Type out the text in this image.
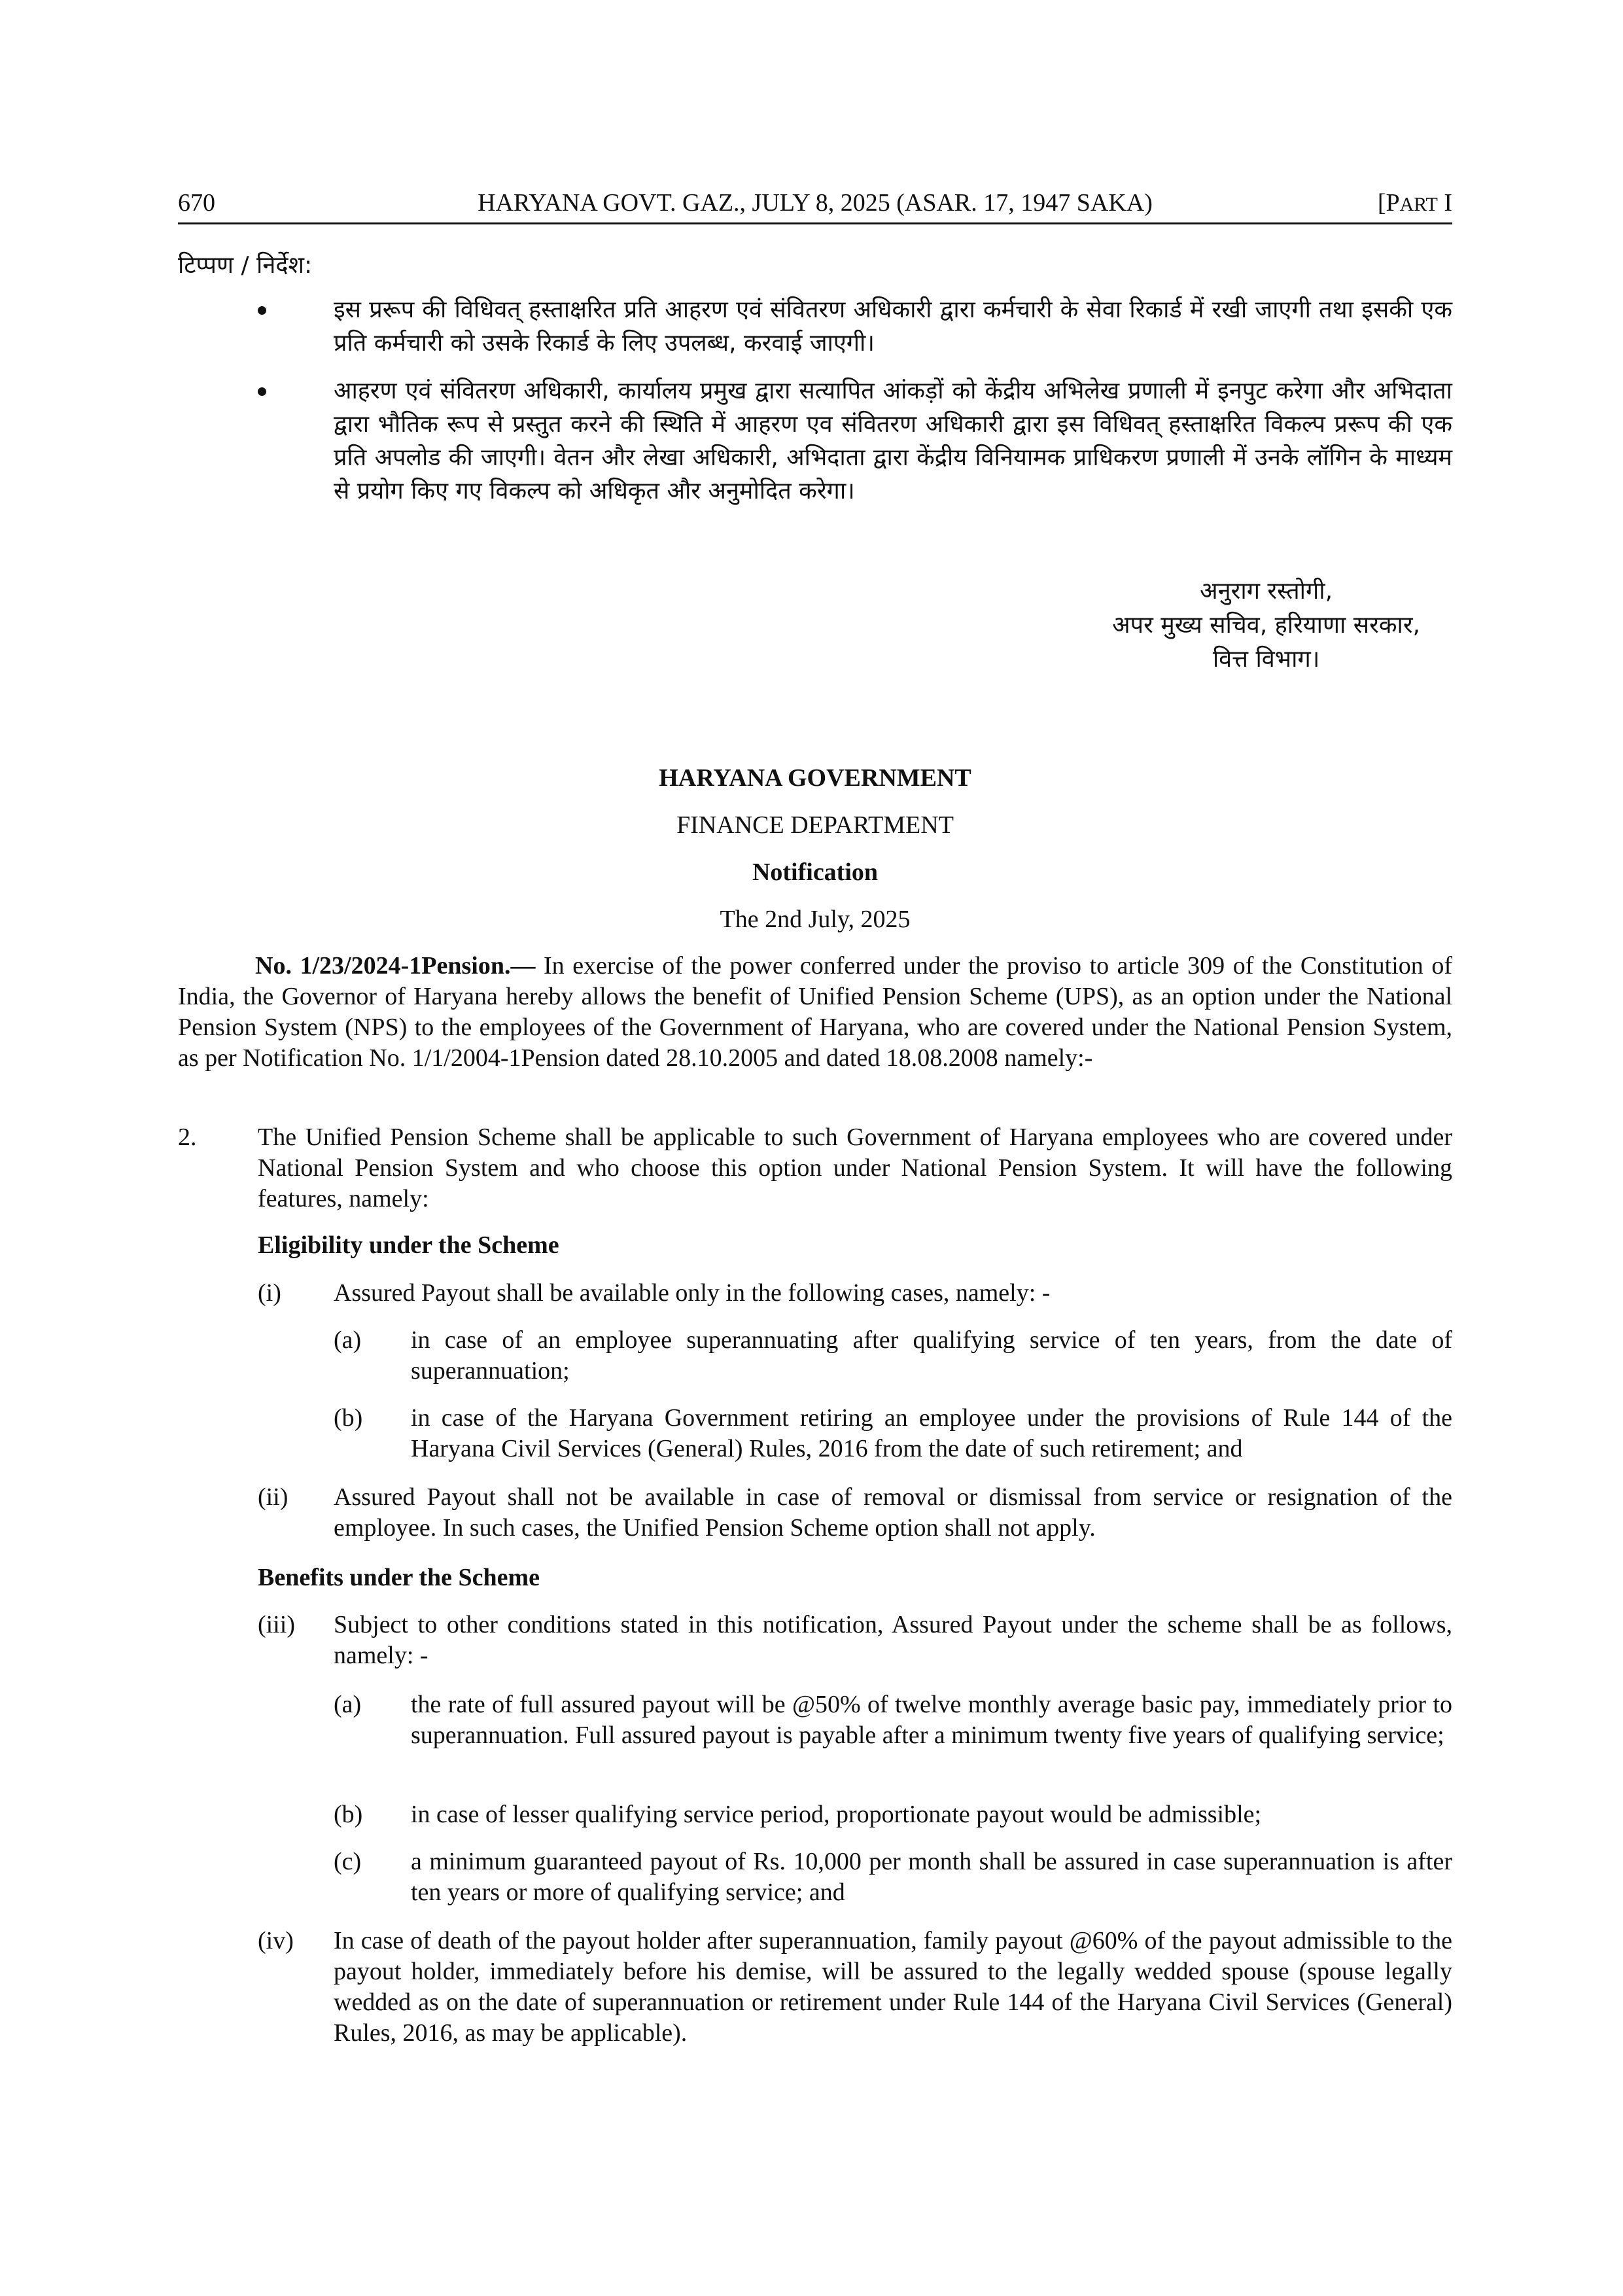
670	HARYANA GOVT. GAZ., JULY 8, 2025 (ASAR. 17, 1947 SAKA)	[PART I
टिप्पण / निर्देश:
इस प्ररूप की विधिवत् हस्ताक्षरित प्रति आहरण एवं संवितरण अधिकारी द्वारा कर्मचारी के सेवा रिकार्ड में रखी जाएगी तथा इसकी एक प्रति कर्मचारी को उसके रिकार्ड के लिए उपलब्ध, करवाई जाएगी।
आहरण एवं संवितरण अधिकारी, कार्यालय प्रमुख द्वारा सत्यापित आंकड़ों को केंद्रीय अभिलेख प्रणाली में इनपुट करेगा और अभिदाता द्वारा भौतिक रूप से प्रस्तुत करने की स्थिति में आहरण एव संवितरण अधिकारी द्वारा इस विधिवत् हस्ताक्षरित विकल्प प्ररूप की एक प्रति अपलोड की जाएगी। वेतन और लेखा अधिकारी, अभिदाता द्वारा केंद्रीय विनियामक प्राधिकरण प्रणाली में उनके लॉगिन के माध्यम से प्रयोग किए गए विकल्प को अधिकृत और अनुमोदित करेगा।
अनुराग रस्तोगी,
अपर मुख्य सचिव, हरियाणा सरकार,
वित्त विभाग।
HARYANA GOVERNMENT
FINANCE DEPARTMENT
Notification
The 2nd July, 2025
No. 1/23/2024-1Pension.— In exercise of the power conferred under the proviso to article 309 of the Constitution of India, the Governor of Haryana hereby allows the benefit of Unified Pension Scheme (UPS), as an option under the National Pension System (NPS) to the employees of the Government of Haryana, who are covered under the National Pension System, as per Notification No. 1/1/2004-1Pension dated 28.10.2005 and dated 18.08.2008 namely:-
2. The Unified Pension Scheme shall be applicable to such Government of Haryana employees who are covered under National Pension System and who choose this option under National Pension System. It will have the following features, namely:
Eligibility under the Scheme
(i) Assured Payout shall be available only in the following cases, namely: -
(a) in case of an employee superannuating after qualifying service of ten years, from the date of superannuation;
(b) in case of the Haryana Government retiring an employee under the provisions of Rule 144 of the Haryana Civil Services (General) Rules, 2016 from the date of such retirement; and
(ii) Assured Payout shall not be available in case of removal or dismissal from service or resignation of the employee. In such cases, the Unified Pension Scheme option shall not apply.
Benefits under the Scheme
(iii) Subject to other conditions stated in this notification, Assured Payout under the scheme shall be as follows, namely: -
(a) the rate of full assured payout will be @50% of twelve monthly average basic pay, immediately prior to superannuation. Full assured payout is payable after a minimum twenty five years of qualifying service;
(b) in case of lesser qualifying service period, proportionate payout would be admissible;
(c) a minimum guaranteed payout of Rs. 10,000 per month shall be assured in case superannuation is after ten years or more of qualifying service; and
(iv) In case of death of the payout holder after superannuation, family payout @60% of the payout admissible to the payout holder, immediately before his demise, will be assured to the legally wedded spouse (spouse legally wedded as on the date of superannuation or retirement under Rule 144 of the Haryana Civil Services (General) Rules, 2016, as may be applicable).
